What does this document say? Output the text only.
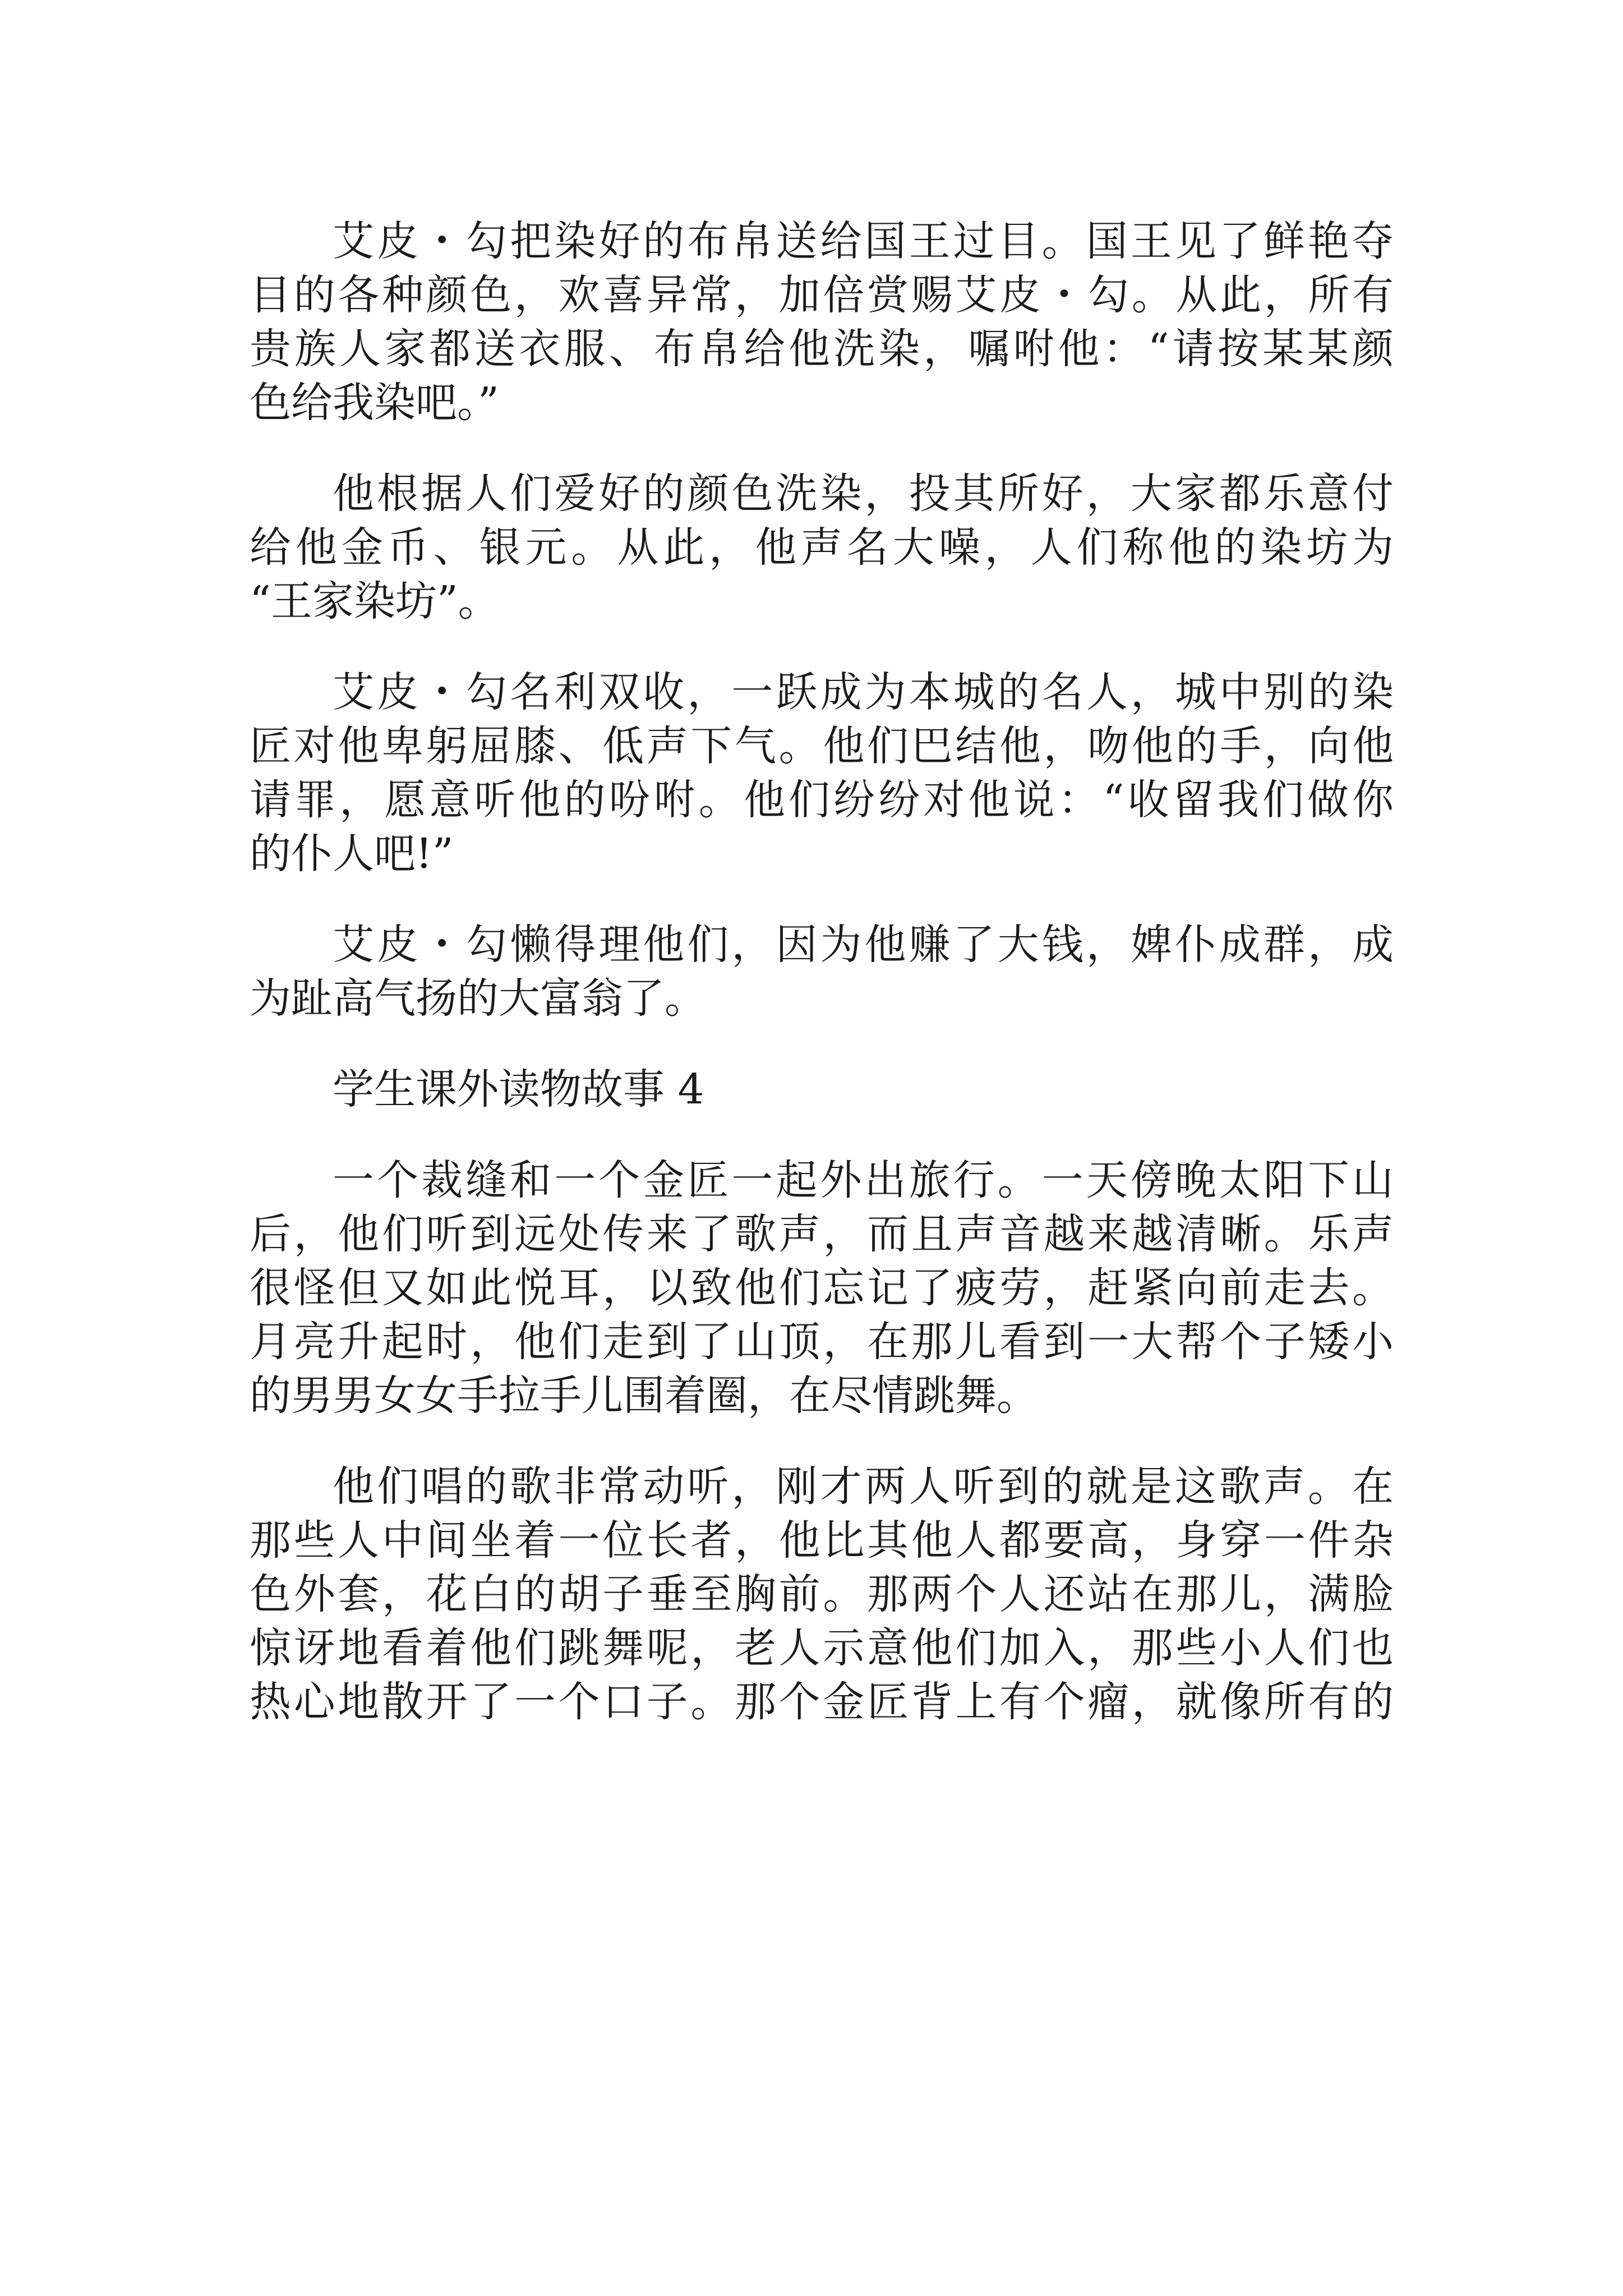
艾皮・勾把染好的布帛送给国王过目。国王见了鲜艳夺
目的各种颜色，欢喜异常，加倍赏赐艾皮・勾。从此，所有
贵族人家都送衣服、布帛给他洗染，嘱咐他：“请按某某颜
色给我染吧。”
他根据人们爱好的颜色洗染，投其所好，大家都乐意付
给他金币、银元。从此，他声名大噪，人们称他的染坊为
“王家染坊”。
艾皮・勾名利双收，一跃成为本城的名人，城中别的染
匠对他卑躬屈膝、低声下气。他们巴结他，吻他的手，向他
请罪，愿意听他的吩咐。他们纷纷对他说：“收留我们做你
的仆人吧!”
艾皮・勾懒得理他们，因为他赚了大钱，婢仆成群，成
为趾高气扬的大富翁了。
学生课外读物故事 4
一个裁缝和一个金匠一起外出旅行。一天傍晚太阳下山
后，他们听到远处传来了歌声，而且声音越来越清晰。乐声
很怪但又如此悦耳，以致他们忘记了疲劳，赶紧向前走去。
月亮升起时，他们走到了山顶，在那儿看到一大帮个子矮小
的男男女女手拉手儿围着圈，在尽情跳舞。
他们唱的歌非常动听，刚才两人听到的就是这歌声。在
那些人中间坐着一位长者，他比其他人都要高，身穿一件杂
色外套，花白的胡子垂至胸前。那两个人还站在那儿，满脸
惊讶地看着他们跳舞呢，老人示意他们加入，那些小人们也
热心地散开了一个口子。那个金匠背上有个瘤，就像所有的
